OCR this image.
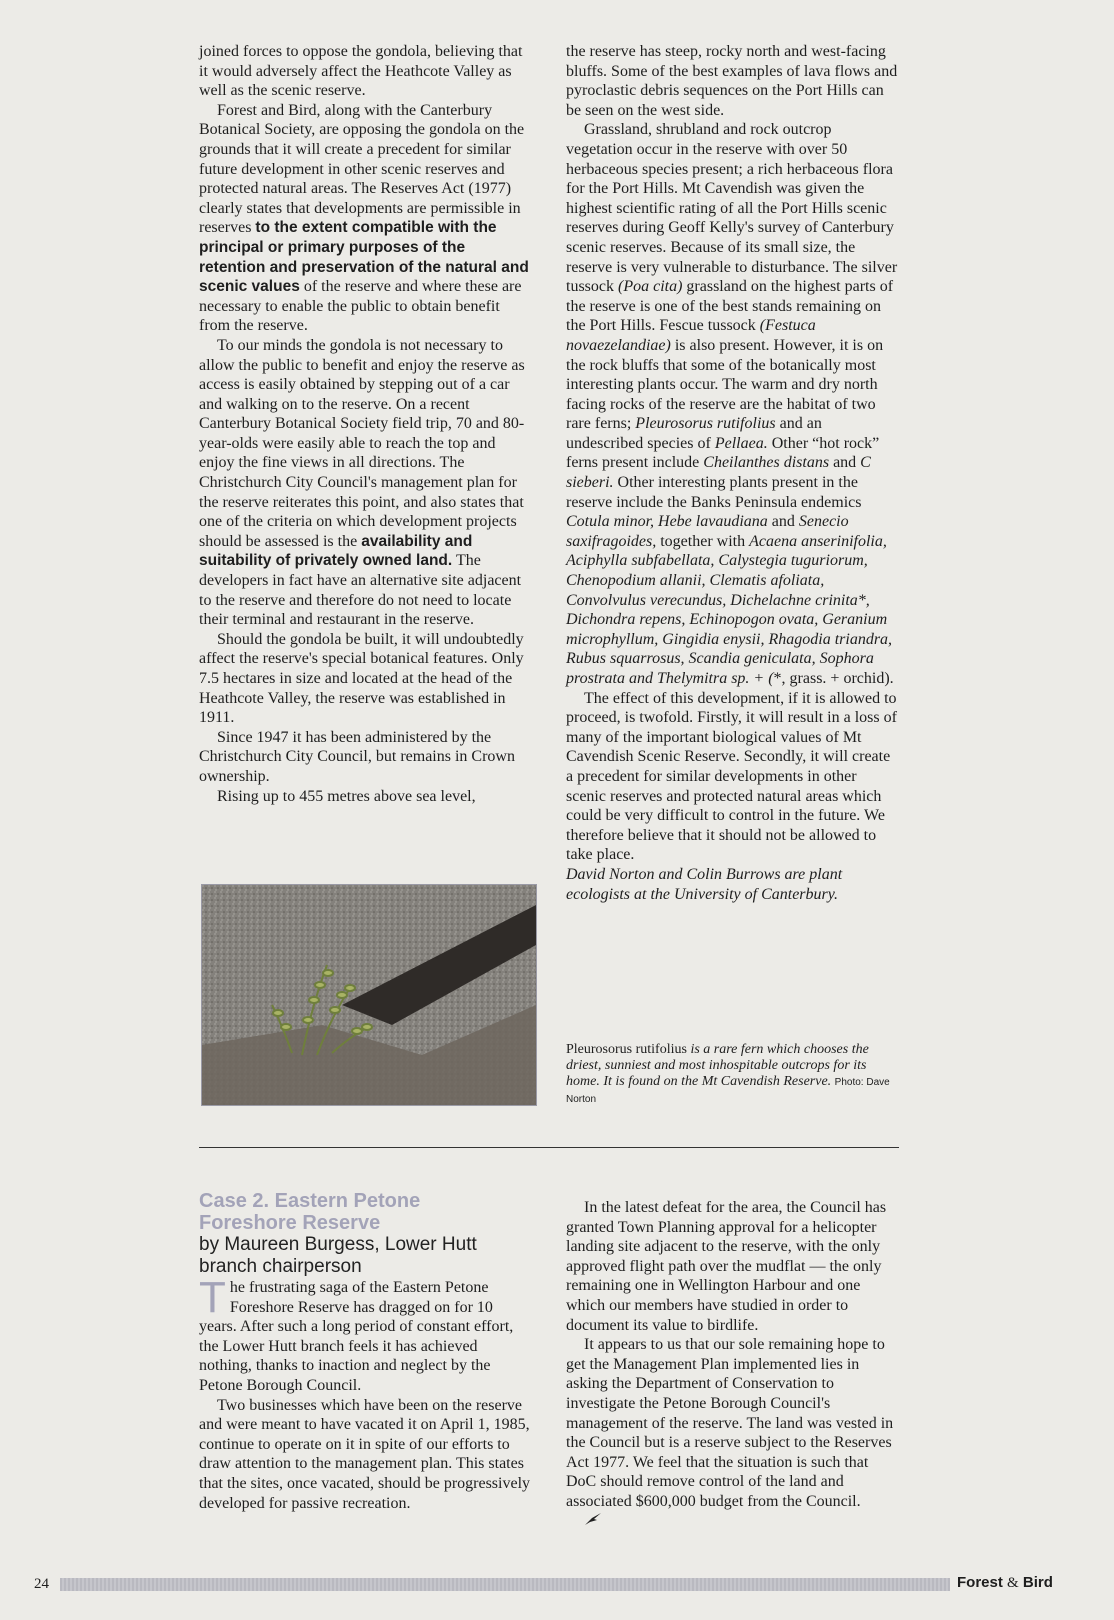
joined forces to oppose the gondola, believing that it would adversely affect the Heathcote Valley as well as the scenic reserve.

Forest and Bird, along with the Canterbury Botanical Society, are opposing the gondola on the grounds that it will create a precedent for similar future development in other scenic reserves and protected natural areas. The Reserves Act (1977) clearly states that developments are permissible in reserves to the extent compatible with the principal or primary purposes of the retention and preservation of the natural and scenic values of the reserve and where these are necessary to enable the public to obtain benefit from the reserve.

To our minds the gondola is not necessary to allow the public to benefit and enjoy the reserve as access is easily obtained by stepping out of a car and walking on to the reserve. On a recent Canterbury Botanical Society field trip, 70 and 80-year-olds were easily able to reach the top and enjoy the fine views in all directions. The Christchurch City Council's management plan for the reserve reiterates this point, and also states that one of the criteria on which development projects should be assessed is the availability and suitability of privately owned land. The developers in fact have an alternative site adjacent to the reserve and therefore do not need to locate their terminal and restaurant in the reserve.

Should the gondola be built, it will undoubtedly affect the reserve's special botanical features. Only 7.5 hectares in size and located at the head of the Heathcote Valley, the reserve was established in 1911.

Since 1947 it has been administered by the Christchurch City Council, but remains in Crown ownership.

Rising up to 455 metres above sea level,

the reserve has steep, rocky north and west-facing bluffs. Some of the best examples of lava flows and pyroclastic debris sequences on the Port Hills can be seen on the west side.

Grassland, shrubland and rock outcrop vegetation occur in the reserve with over 50 herbaceous species present; a rich herbaceous flora for the Port Hills. Mt Cavendish was given the highest scientific rating of all the Port Hills scenic reserves during Geoff Kelly's survey of Canterbury scenic reserves. Because of its small size, the reserve is very vulnerable to disturbance. The silver tussock (Poa cita) grassland on the highest parts of the reserve is one of the best stands remaining on the Port Hills. Fescue tussock (Festuca novaezelandiae) is also present. However, it is on the rock bluffs that some of the botanically most interesting plants occur. The warm and dry north facing rocks of the reserve are the habitat of two rare ferns; Pleurosorus rutifolius and an undescribed species of Pellaea. Other “hot rock” ferns present include Cheilanthes distans and C sieberi. Other interesting plants present in the reserve include the Banks Peninsula endemics Cotula minor, Hebe lavaudiana and Senecio saxifragoides, together with Acaena anserinifolia, Aciphylla subfabellata, Calystegia tuguriorum, Chenopodium allanii, Clematis afoliata, Convolvulus verecundus, Dichelachne crinita*, Dichondra repens, Echinopogon ovata, Geranium microphyllum, Gingidia enysii, Rhagodia triandra, Rubus squarrosus, Scandia geniculata, Sophora prostrata and Thelymitra sp. + (*, grass. + orchid).

The effect of this development, if it is allowed to proceed, is twofold. Firstly, it will result in a loss of many of the important biological values of Mt Cavendish Scenic Reserve. Secondly, it will create a precedent for similar developments in other scenic reserves and protected natural areas which could be very difficult to control in the future. We therefore believe that it should not be allowed to take place.

David Norton and Colin Burrows are plant ecologists at the University of Canterbury.

Pleurosorus rutifolius is a rare fern which chooses the driest, sunniest and most inhospitable outcrops for its home. It is found on the Mt Cavendish Reserve. Photo: Dave Norton

Case 2. Eastern Petone
Foreshore Reserve

by Maureen Burgess, Lower Hutt
branch chairperson

The frustrating saga of the Eastern Petone Foreshore Reserve has dragged on for 10 years. After such a long period of constant effort, the Lower Hutt branch feels it has achieved nothing, thanks to inaction and neglect by the Petone Borough Council.

Two businesses which have been on the reserve and were meant to have vacated it on April 1, 1985, continue to operate on it in spite of our efforts to draw attention to the management plan. This states that the sites, once vacated, should be progressively developed for passive recreation.

In the latest defeat for the area, the Council has granted Town Planning approval for a helicopter landing site adjacent to the reserve, with the only approved flight path over the mudflat — the only remaining one in Wellington Harbour and one which our members have studied in order to document its value to birdlife.

It appears to us that our sole remaining hope to get the Management Plan implemented lies in asking the Department of Conservation to investigate the Petone Borough Council's management of the reserve. The land was vested in the Council but is a reserve subject to the Reserves Act 1977. We feel that the situation is such that DoC should remove control of the land and associated $600,000 budget from the Council.

24	Forest & Bird
